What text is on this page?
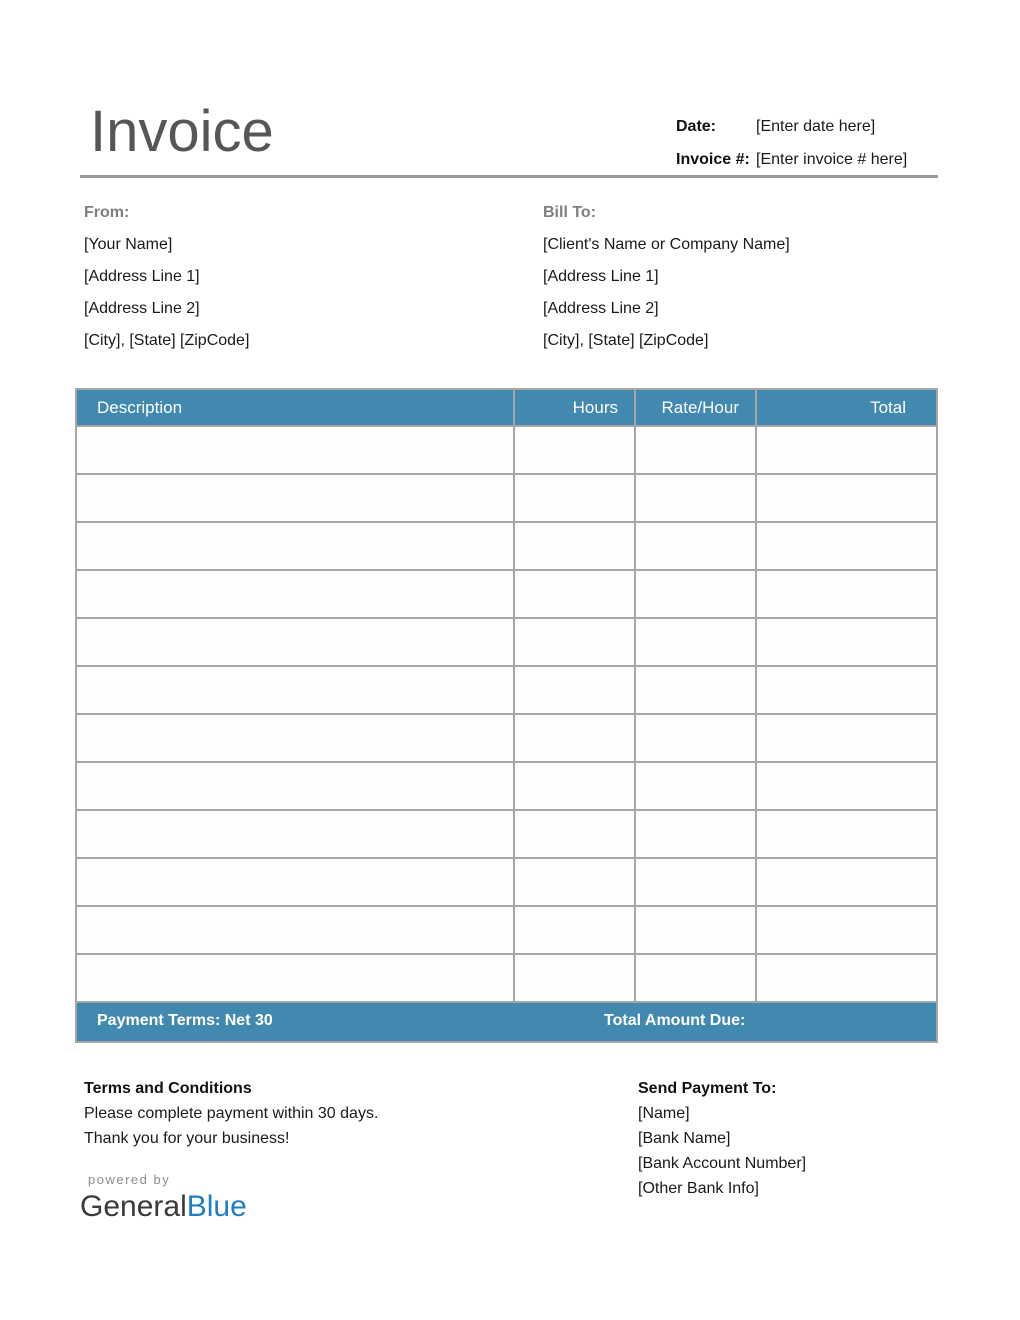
Invoice	Date:	[Enter date here]
Invoice #: [Enter invoice # here]
From:
[Your Name]
[Address Line 1]
[Address Line 2]
[City], [State] [ZipCode]
Bill To:
[Client's Name or Company Name]
[Address Line 1]
[Address Line 2]
[City], [State] [ZipCode]
Description	Hours	Rate/Hour	Total
Payment Terms: Net 30	Total Amount Due:
Terms and Conditions
Please complete payment within 30 days.
Thank you for your business!
Send Payment To:
[Name]
[Bank Name]
[Bank Account Number]
[Other Bank Info]
powered by
GeneralBlue
